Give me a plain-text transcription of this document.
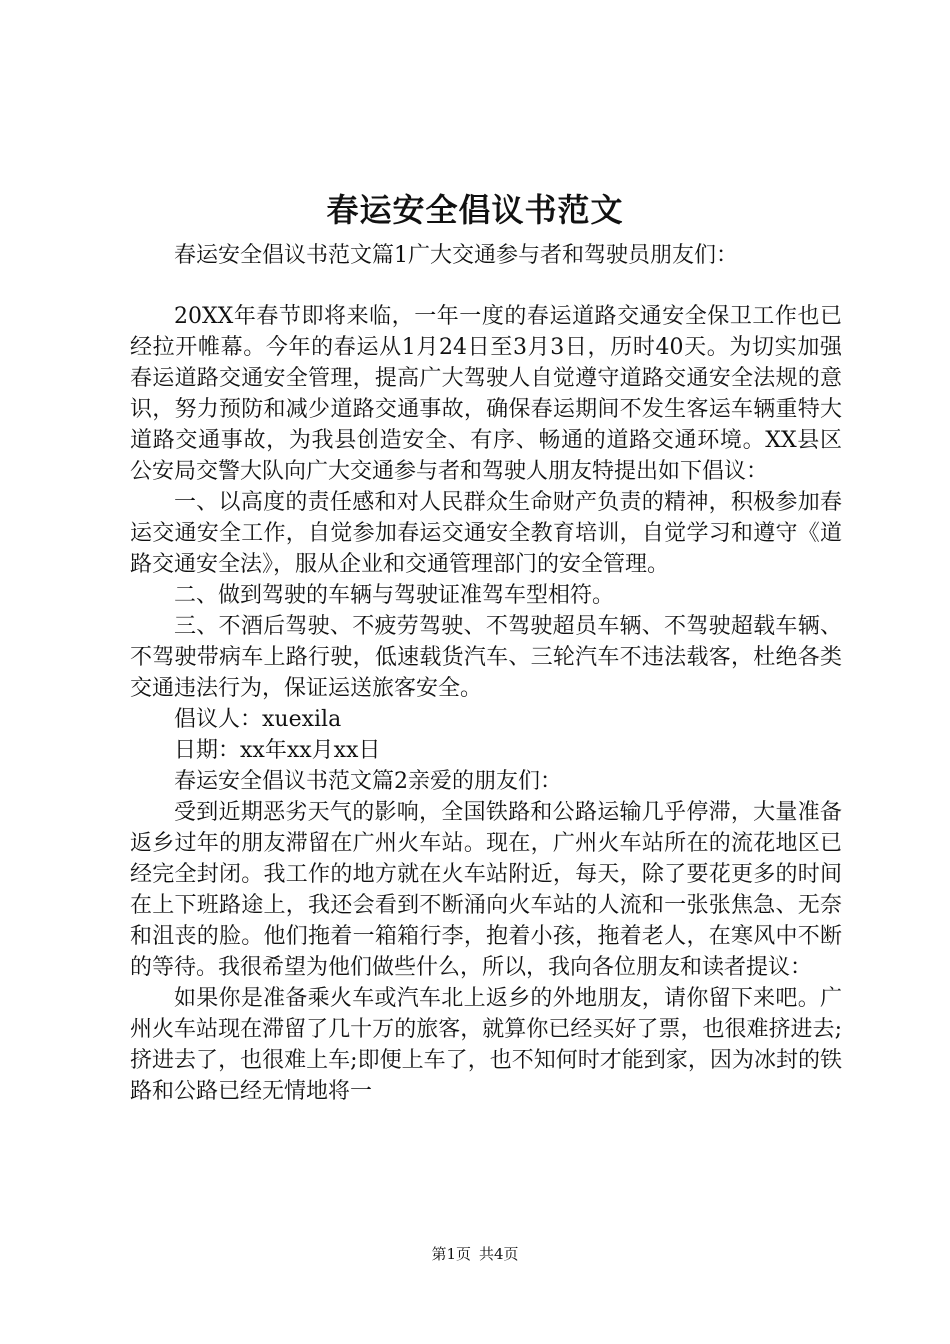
春运安全倡议书范文

春运安全倡议书范文篇1广大交通参与者和驾驶员朋友们：

20XX年春节即将来临，一年一度的春运道路交通安全保卫工作也已经拉开帷幕。今年的春运从1月24日至3月3日，历时40天。为切实加强春运道路交通安全管理，提高广大驾驶人自觉遵守道路交通安全法规的意识，努力预防和减少道路交通事故，确保春运期间不发生客运车辆重特大道路交通事故，为我县创造安全、有序、畅通的道路交通环境。XX县区公安局交警大队向广大交通参与者和驾驶人朋友特提出如下倡议：

一、以高度的责任感和对人民群众生命财产负责的精神，积极参加春运交通安全工作，自觉参加春运交通安全教育培训，自觉学习和遵守《道路交通安全法》，服从企业和交通管理部门的安全管理。

二、做到驾驶的车辆与驾驶证准驾车型相符。

三、不酒后驾驶、不疲劳驾驶、不驾驶超员车辆、不驾驶超载车辆、不驾驶带病车上路行驶，低速载货汽车、三轮汽车不违法载客，杜绝各类交通违法行为，保证运送旅客安全。

倡议人：xuexila

日期：xx年xx月xx日

春运安全倡议书范文篇2亲爱的朋友们：

受到近期恶劣天气的影响，全国铁路和公路运输几乎停滞，大量准备返乡过年的朋友滞留在广州火车站。现在，广州火车站所在的流花地区已经完全封闭。我工作的地方就在火车站附近，每天，除了要花更多的时间在上下班路途上，我还会看到不断涌向火车站的人流和一张张焦急、无奈和沮丧的脸。他们拖着一箱箱行李，抱着小孩，拖着老人，在寒风中不断的等待。我很希望为他们做些什么，所以，我向各位朋友和读者提议：

如果你是准备乘火车或汽车北上返乡的外地朋友，请你留下来吧。广州火车站现在滞留了几十万的旅客，就算你已经买好了票，也很难挤进去;挤进去了，也很难上车;即便上车了，也不知何时才能到家，因为冰封的铁路和公路已经无情地将一

第1页 共4页
